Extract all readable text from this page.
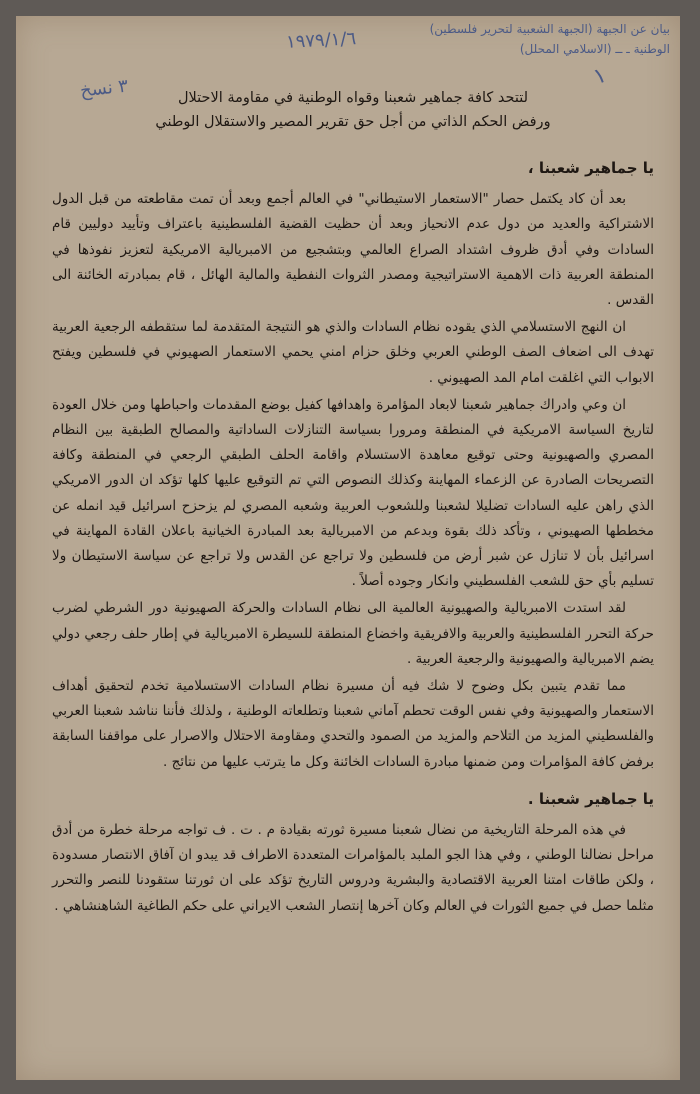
بيان عن الجبهة (الجبهة الشعبية لتحرير فلسطين)
الوطنية ـ ــ (الاسلامي المحلل)
١٩٧٩/١/٦
٣ نسخ	١

لتتحد كافة جماهير شعبنا وقواه الوطنية في مقاومة الاحتلال

ورفض الحكم الذاتي من أجل حق تقرير المصير والاستقلال الوطني

يا جماهير شعبنا ،

بعد أن كاد يكتمل حصار "الاستعمار الاستيطاني" في العالم أجمع وبعد أن تمت مقاطعته من قبل الدول الاشتراكية والعديد من دول عدم الانحياز وبعد أن حظيت القضية الفلسطينية باعتراف وتأييد دوليين قام السادات وفي أدق ظروف اشتداد الصراع العالمي وبتشجيع من الامبريالية الامريكية لتعزيز نفوذها في المنطقة العربية ذات الاهمية الاستراتيجية ومصدر الثروات النفطية والمالية الهائل ، قام بمبادرته الخائنة الى القدس .

ان النهج الاستسلامي الذي يقوده نظام السادات والذي هو النتيجة المتقدمة لما ستقطفه الرجعية العربية تهدف الى اضعاف الصف الوطني العربي وخلق حزام امني يحمي الاستعمار الصهيوني في فلسطين ويفتح الابواب التي اغلقت امام المد الصهيوني .

ان وعي وادراك جماهير شعبنا لابعاد المؤامرة واهدافها كفيل بوضع المقدمات واحباطها ومن خلال العودة لتاريخ السياسة الامريكية في المنطقة ومرورا بسياسة التنازلات الساداتية والمصالح الطبقية بين النظام المصري والصهيونية وحتى توقيع معاهدة الاستسلام واقامة الحلف الطبقي الرجعي في المنطقة وكافة التصريحات الصادرة عن الزعماء المهاينة وكذلك النصوص التي تم التوقيع عليها كلها تؤكد ان الدور الامريكي الذي راهن عليه السادات تضليلا لشعبنا وللشعوب العربية وشعبه المصري لم يزحزح اسرائيل قيد انمله عن مخططها الصهيوني ، وتأكد ذلك بقوة وبدعم من الامبريالية بعد المبادرة الخيانية باعلان القادة المهاينة في اسرائيل بأن لا تنازل عن شبر أرض من فلسطين ولا تراجع عن القدس ولا تراجع عن سياسة الاستيطان ولا تسليم بأي حق للشعب الفلسطيني وانكار وجوده أصلاً .

لقد استدت الامبريالية والصهيونية العالمية الى نظام السادات والحركة الصهيونية دور الشرطي لضرب حركة التحرر الفلسطينية والعربية والافريقية واخضاع المنطقة للسيطرة الامبريالية في إطار حلف رجعي دولي يضم الامبريالية والصهيونية والرجعية العربية .

مما تقدم يتبين بكل وضوح لا شك فيه أن مسيرة نظام السادات الاستسلامية تخدم لتحقيق أهداف الاستعمار والصهيونية وفي نفس الوقت تحطم آماني شعبنا وتطلعاته الوطنية ، ولذلك فأننا نناشد شعبنا العربي والفلسطيني المزيد من التلاحم والمزيد من الصمود والتحدي ومقاومة الاحتلال والاصرار على مواقفنا السابقة برفض كافة المؤامرات ومن ضمنها مبادرة السادات الخائنة وكل ما يترتب عليها من نتائج .

يا جماهير شعبنا .

في هذه المرحلة التاريخية من نضال شعبنا مسيرة ثورته بقيادة م . ت . ف تواجه مرحلة خطرة من أدق مراحل نضالنا الوطني ، وفي هذا الجو الملبد بالمؤامرات المتعددة الاطراف قد يبدو ان آفاق الانتصار مسدودة ، ولكن طاقات امتنا العربية الاقتصادية والبشرية ودروس التاريخ تؤكد على ان ثورتنا ستقودنا للنصر والتحرر مثلما حصل في جميع الثورات في العالم وكان آخرها إنتصار الشعب الايراني على حكم الطاغية الشاهنشاهي .
